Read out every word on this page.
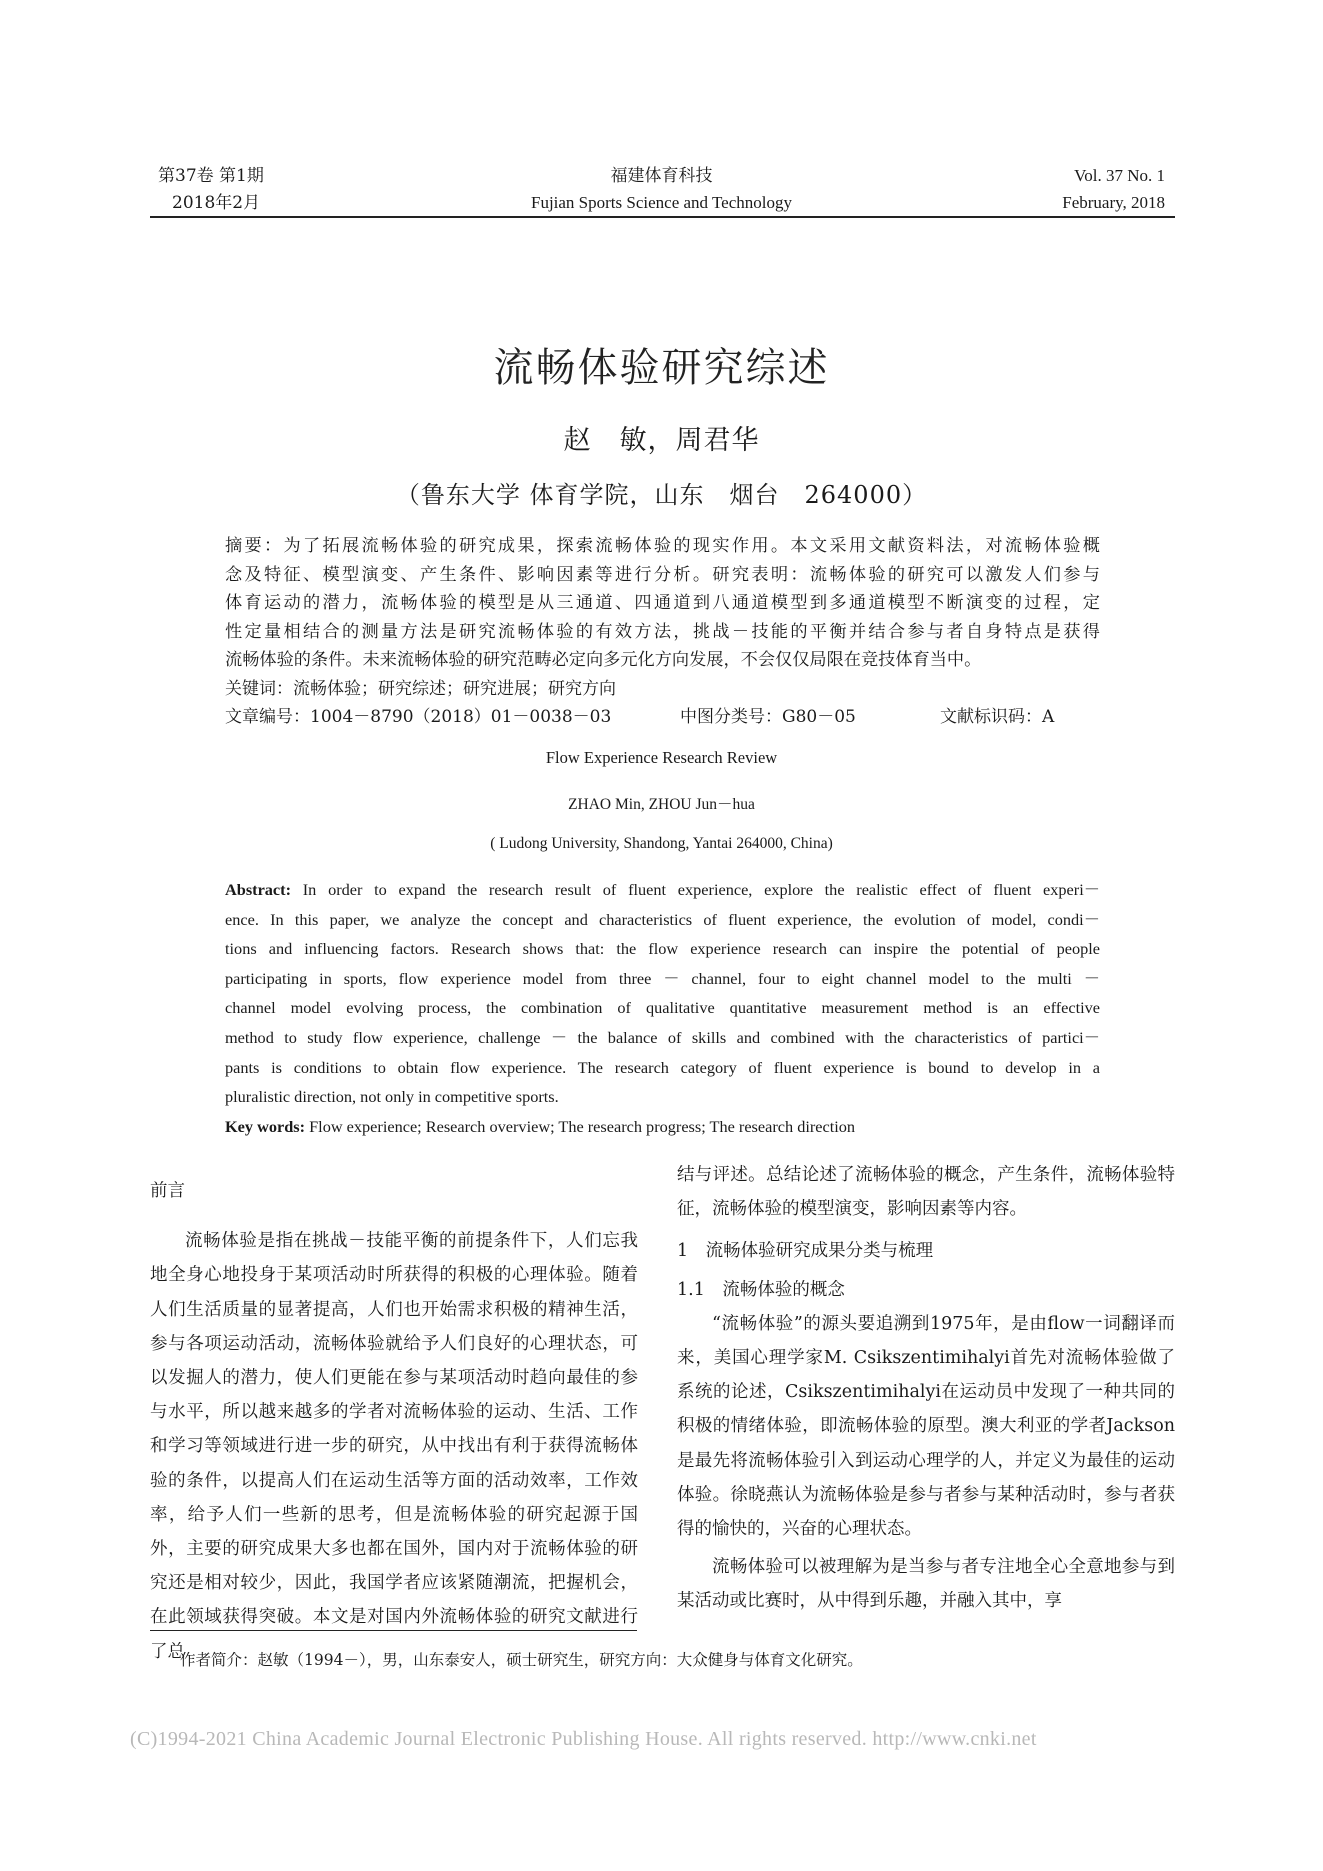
第37卷 第1期
2018年2月
福建体育科技
Fujian Sports Science and Technology
Vol. 37 No. 1
February, 2018
流畅体验研究综述
赵　敏，周君华
（鲁东大学 体育学院，山东　烟台　264000）
摘要：为了拓展流畅体验的研究成果，探索流畅体验的现实作用。本文采用文献资料法，对流畅体验概
念及特征、模型演变、产生条件、影响因素等进行分析。研究表明：流畅体验的研究可以激发人们参与
体育运动的潜力，流畅体验的模型是从三通道、四通道到八通道模型到多通道模型不断演变的过程，定
性定量相结合的测量方法是研究流畅体验的有效方法，挑战－技能的平衡并结合参与者自身特点是获得
流畅体验的条件。未来流畅体验的研究范畴必定向多元化方向发展，不会仅仅局限在竞技体育当中。
关键词：流畅体验；研究综述；研究进展；研究方向
文章编号：1004－8790（2018）01－0038－03	中图分类号：G80－05	文献标识码：A
Flow Experience Research Review
ZHAO Min, ZHOU Jun－hua
( Ludong University, Shandong, Yantai 264000, China)
Abstract: In order to expand the research result of fluent experience, explore the realistic effect of fluent experi－
ence. In this paper, we analyze the concept and characteristics of fluent experience, the evolution of model, condi－
tions and influencing factors. Research shows that: the flow experience research can inspire the potential of people
participating in sports, flow experience model from three － channel, four to eight channel model to the multi －
channel model evolving process, the combination of qualitative quantitative measurement method is an effective
method to study flow experience, challenge － the balance of skills and combined with the characteristics of partici－
pants is conditions to obtain flow experience. The research category of fluent experience is bound to develop in a
pluralistic direction, not only in competitive sports.
Key words: Flow experience; Research overview; The research progress; The research direction

前言

流畅体验是指在挑战－技能平衡的前提条件下，人们忘我地全身心地投身于某项活动时所获得的积极的心理体验。随着人们生活质量的显著提高，人们也开始需求积极的精神生活，参与各项运动活动，流畅体验就给予人们良好的心理状态，可以发掘人的潜力，使人们更能在参与某项活动时趋向最佳的参与水平，所以越来越多的学者对流畅体验的运动、生活、工作和学习等领域进行进一步的研究，从中找出有利于获得流畅体验的条件，以提高人们在运动生活等方面的活动效率，工作效率，给予人们一些新的思考，但是流畅体验的研究起源于国外，主要的研究成果大多也都在国外，国内对于流畅体验的研究还是相对较少，因此，我国学者应该紧随潮流，把握机会，在此领域获得突破。本文是对国内外流畅体验的研究文献进行了总

结与评述。总结论述了流畅体验的概念，产生条件，流畅体验特征，流畅体验的模型演变，影响因素等内容。

1　流畅体验研究成果分类与梳理

1.1　流畅体验的概念

“流畅体验”的源头要追溯到1975年，是由flow一词翻译而来，美国心理学家M. Csikszentimihalyi首先对流畅体验做了系统的论述，Csikszentimihalyi在运动员中发现了一种共同的积极的情绪体验，即流畅体验的原型。澳大利亚的学者Jackson是最先将流畅体验引入到运动心理学的人，并定义为最佳的运动体验。徐晓燕认为流畅体验是参与者参与某种活动时，参与者获得的愉快的，兴奋的心理状态。

流畅体验可以被理解为是当参与者专注地全心全意地参与到某活动或比赛时，从中得到乐趣，并融入其中，享

作者简介：赵敏（1994－），男，山东泰安人，硕士研究生，研究方向：大众健身与体育文化研究。
(C)1994-2021 China Academic Journal Electronic Publishing House. All rights reserved. http://www.cnki.net
